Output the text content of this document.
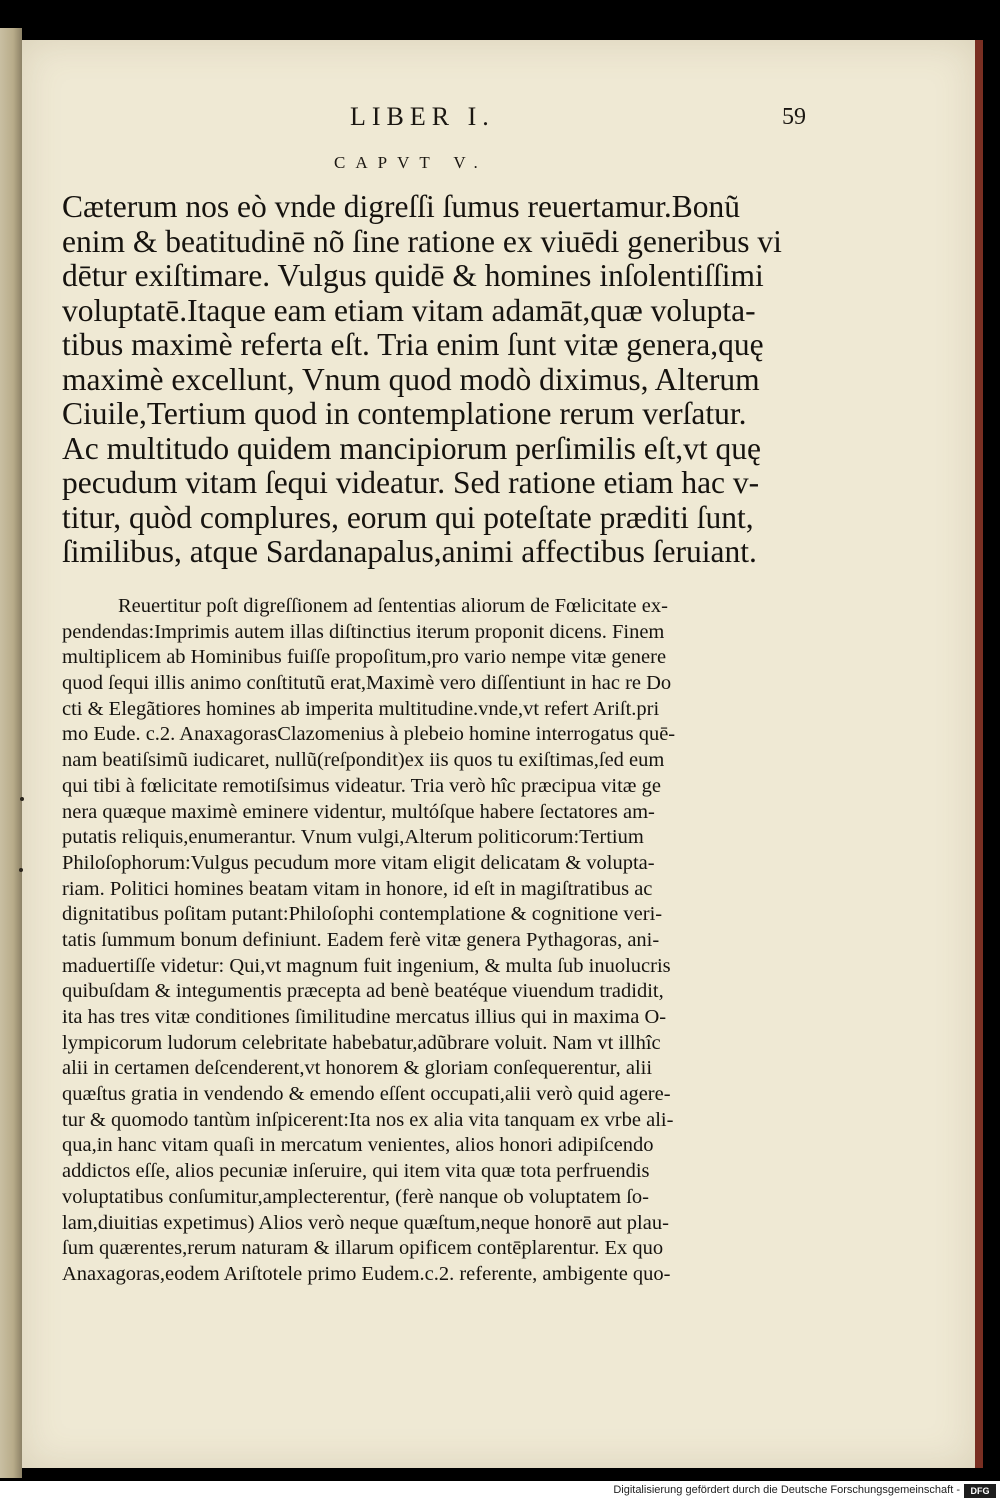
LIBER I.	59
CAPVT V.
Cæterum nos eò vnde digreſſi ſumus reuertamur.Bonũ
enim & beatitudinē nõ ſine ratione ex viuēdi generibus vi
dētur exiſtimare. Vulgus quidē & homines inſolentiſſimi
voluptatē.Itaque eam etiam vitam adamāt,quæ volupta-
tibus maximè referta eſt. Tria enim ſunt vitæ genera,quę
maximè excellunt, Vnum quod modò diximus, Alterum
Ciuile,Tertium quod in contemplatione rerum verſatur.
Ac multitudo quidem mancipiorum perſimilis eſt,vt quę
pecudum vitam ſequi videatur. Sed ratione etiam hac v-
titur, quòd complures, eorum qui poteſtate præditi ſunt,
ſimilibus, atque Sardanapalus,animi affectibus ſeruiant.
Reuertitur poſt digreſſionem ad ſententias aliorum de Fœlicitate ex-
pendendas:Imprimis autem illas diſtinctius iterum proponit dicens. Finem
multiplicem ab Hominibus fuiſſe propoſitum,pro vario nempe vitæ genere
quod ſequi illis animo conſtitutũ erat,Maximè vero diſſentiunt in hac re Do
cti & Elegãtiores homines ab imperita multitudine.vnde,vt refert Ariſt.pri
mo Eude. c.2. AnaxagorasClazomenius à plebeio homine interrogatus quē-
nam beatiſsimũ iudicaret, nullũ(reſpondit)ex iis quos tu exiſtimas,ſed eum
qui tibi à fœlicitate remotiſsimus videatur. Tria verò hîc præcipua vitæ ge
nera quæque maximè eminere videntur, multóſque habere ſectatores am-
putatis reliquis,enumerantur. Vnum vulgi,Alterum politicorum:Tertium
Philoſophorum:Vulgus pecudum more vitam eligit delicatam & volupta-
riam. Politici homines beatam vitam in honore, id eſt in magiſtratibus ac
dignitatibus poſitam putant:Philoſophi contemplatione & cognitione veri-
tatis ſummum bonum definiunt. Eadem ferè vitæ genera Pythagoras, ani-
maduertiſſe videtur: Qui,vt magnum fuit ingenium, & multa ſub inuolucris
quibuſdam & integumentis præcepta ad benè beatéque viuendum tradidit,
ita has tres vitæ conditiones ſimilitudine mercatus illius qui in maxima O-
lympicorum ludorum celebritate habebatur,adũbrare voluit. Nam vt illhîc
alii in certamen deſcenderent,vt honorem & gloriam conſequerentur, alii
quæſtus gratia in vendendo & emendo eſſent occupati,alii verò quid agere-
tur & quomodo tantùm inſpicerent:Ita nos ex alia vita tanquam ex vrbe ali-
qua,in hanc vitam quaſi in mercatum venientes, alios honori adipiſcendo
addictos eſſe, alios pecuniæ inſeruire, qui item vita quæ tota perfruendis
voluptatibus conſumitur,amplecterentur, (ferè nanque ob voluptatem ſo-
lam,diuitias expetimus) Alios verò neque quæſtum,neque honorē aut plau-
ſum quærentes,rerum naturam & illarum opificem contēplarentur. Ex quo
Anaxagoras,eodem Ariſtotele primo Eudem.c.2. referente, ambigente quo-
Digitalisierung gefördert durch die Deutsche Forschungsgemeinschaft -	DFG
